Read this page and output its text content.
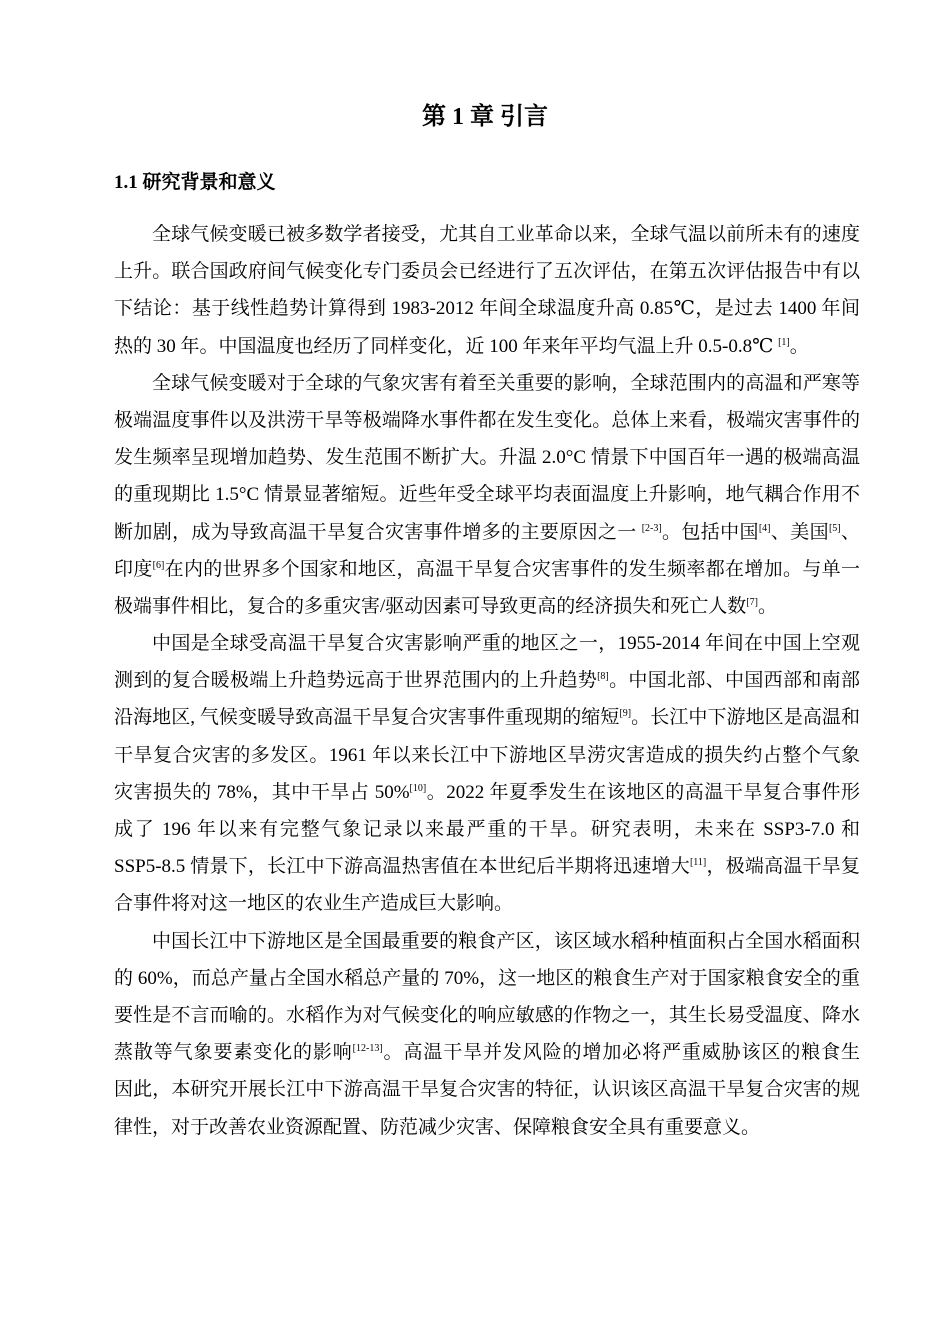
第 1 章 引言
1.1 研究背景和意义
全球气候变暖已被多数学者接受，尤其自工业革命以来，全球气温以前所未有的速度
上升。联合国政府间气候变化专门委员会已经进行了五次评估，在第五次评估报告中有以
下结论：基于线性趋势计算得到 1983-2012 年间全球温度升高 0.85℃，是过去 1400 年间
热的 30 年。中国温度也经历了同样变化，近 100 年来年平均气温上升 0.5-0.8℃ [1]。
全球气候变暖对于全球的气象灾害有着至关重要的影响，全球范围内的高温和严寒等
极端温度事件以及洪涝干旱等极端降水事件都在发生变化。总体上来看，极端灾害事件的
发生频率呈现增加趋势、发生范围不断扩大。升温 2.0°C 情景下中国百年一遇的极端高温
的重现期比 1.5°C 情景显著缩短。近些年受全球平均表面温度上升影响，地气耦合作用不
断加剧，成为导致高温干旱复合灾害事件增多的主要原因之一 [2-3]。包括中国[4]、美国[5]、
印度[6]在内的世界多个国家和地区，高温干旱复合灾害事件的发生频率都在增加。与单一
极端事件相比，复合的多重灾害/驱动因素可导致更高的经济损失和死亡人数[7]。
中国是全球受高温干旱复合灾害影响严重的地区之一，1955-2014 年间在中国上空观
测到的复合暖极端上升趋势远高于世界范围内的上升趋势[8]。中国北部、中国西部和南部
沿海地区, 气候变暖导致高温干旱复合灾害事件重现期的缩短[9]。长江中下游地区是高温和
干旱复合灾害的多发区。1961 年以来长江中下游地区旱涝灾害造成的损失约占整个气象
灾害损失的 78%，其中干旱占 50%[10]。2022 年夏季发生在该地区的高温干旱复合事件形
成了 196 年以来有完整气象记录以来最严重的干旱。研究表明，未来在 SSP3-7.0 和
SSP5-8.5 情景下，长江中下游高温热害值在本世纪后半期将迅速增大[11]，极端高温干旱复
合事件将对这一地区的农业生产造成巨大影响。
中国长江中下游地区是全国最重要的粮食产区，该区域水稻种植面积占全国水稻面积
的 60%，而总产量占全国水稻总产量的 70%，这一地区的粮食生产对于国家粮食安全的重
要性是不言而喻的。水稻作为对气候变化的响应敏感的作物之一，其生长易受温度、降水
蒸散等气象要素变化的影响[12-13]。高温干旱并发风险的增加必将严重威胁该区的粮食生
因此，本研究开展长江中下游高温干旱复合灾害的特征，认识该区高温干旱复合灾害的规
律性，对于改善农业资源配置、防范减少灾害、保障粮食安全具有重要意义。
